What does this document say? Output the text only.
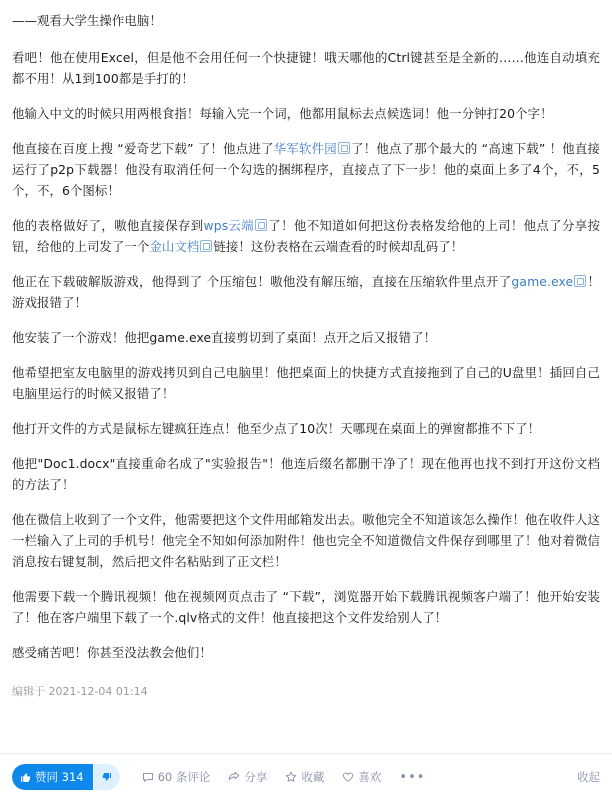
——观看大学生操作电脑！
看吧！他在使用Excel，但是他不会用任何一个快捷键！哦天哪他的Ctrl键甚至是全新的……他连自动填充都不用！从1到100都是手打的！
他输入中文的时候只用两根食指！每输入完一个词，他都用鼠标去点候选词！他一分钟打20个字！
他直接在百度上搜 “爱奇艺下载” 了！他点进了华军软件园 了！他点了那个最大的 “高速下载” ！他直接运行了p2p下载器！他没有取消任何一个勾选的捆绑程序，直接点了下一步！他的桌面上多了4个，不，5个，不，6个图标！
他的表格做好了，嗷他直接保存到wps云端 了！他不知道如何把这份表格发给他的上司！他点了分享按钮，给他的上司发了一个金山文档 链接！这份表格在云端查看的时候却乱码了！
他正在下载破解版游戏，他得到了 个压缩包！嗷他没有解压缩，直接在压缩软件里点开了game.exe ！游戏报错了！
他安装了一个游戏！他把game.exe直接剪切到了桌面！点开之后又报错了！
他希望把室友电脑里的游戏拷贝到自己电脑里！他把桌面上的快捷方式直接拖到了自己的U盘里！插回自己电脑里运行的时候又报错了！
他打开文件的方式是鼠标左键疯狂连点！他至少点了10次！天哪现在桌面上的弹窗都推不下了！
他把"Doc1.docx"直接重命名成了"实验报告"！他连后缀名都删干净了！现在他再也找不到打开这份文档的方法了！
他在微信上收到了一个文件，他需要把这个文件用邮箱发出去。嗷他完全不知道该怎么操作！他在收件人这一栏输入了上司的手机号！他完全不知如何添加附件！他也完全不知道微信文件保存到哪里了！他对着微信消息按右键复制，然后把文件名粘贴到了正文栏！
他需要下载一个腾讯视频！他在视频网页点击了 “下载”，浏览器开始下载腾讯视频客户端了！他开始安装了！他在客户端里下载了一个.qlv格式的文件！他直接把这个文件发给别人了！
感受痛苦吧！你甚至没法教会他们！
编辑于 2021-12-04 01:14
赞同 314	60 条评论	分享	收藏	喜欢 •••	收起
